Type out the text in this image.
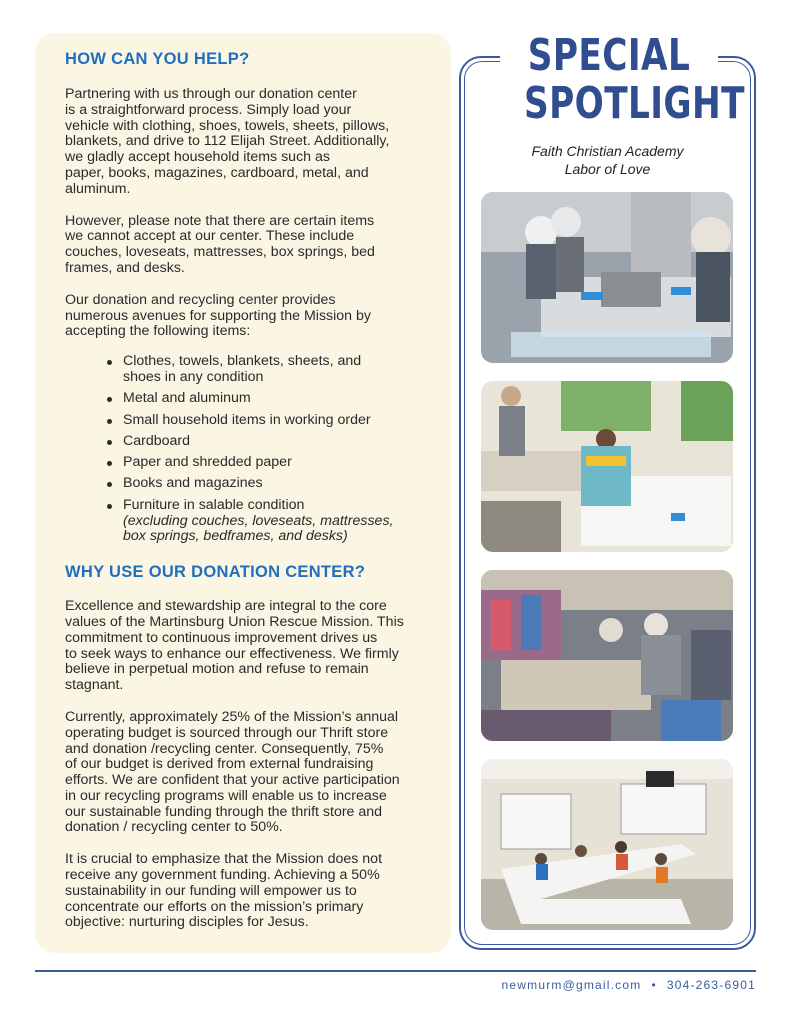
HOW CAN YOU HELP?
Partnering with us through our donation center
is a straightforward process. Simply load your
vehicle with clothing, shoes, towels, sheets, pillows,
blankets, and drive to 112 Elijah Street. Additionally,
we gladly accept household items such as
paper, books, magazines, cardboard, metal, and
aluminum.
However, please note that there are certain items
we cannot accept at our center. These include
couches, loveseats, mattresses, box springs, bed
frames, and desks.
Our donation and recycling center provides
numerous avenues for supporting the Mission by
accepting the following items:
Clothes, towels, blankets, sheets, and
shoes in any condition
Metal and aluminum
Small household items in working order
Cardboard
Paper and shredded paper
Books and magazines
Furniture in salable condition
(excluding couches, loveseats, mattresses,
box springs, bedframes, and desks)
WHY USE OUR DONATION CENTER?
Excellence and stewardship are integral to the core
values of the Martinsburg Union Rescue Mission. This
commitment to continuous improvement drives us
to seek ways to enhance our effectiveness. We firmly
believe in perpetual motion and refuse to remain
stagnant.
Currently, approximately 25% of the Mission’s annual
operating budget is sourced through our Thrift store
and donation /recycling center. Consequently, 75%
of our budget is derived from external fundraising
efforts. We are confident that your active participation
in our recycling programs will enable us to increase
our sustainable funding through the thrift store and
donation / recycling center to 50%.
It is crucial to emphasize that the Mission does not
receive any government funding. Achieving a 50%
sustainability in our funding will empower us to
concentrate our efforts on the mission’s primary
objective: nurturing disciples for Jesus.
SPECIAL
SPOTLIGHT
Faith Christian Academy
Labor of Love
newmurm@gmail.com • 304-263-6901
